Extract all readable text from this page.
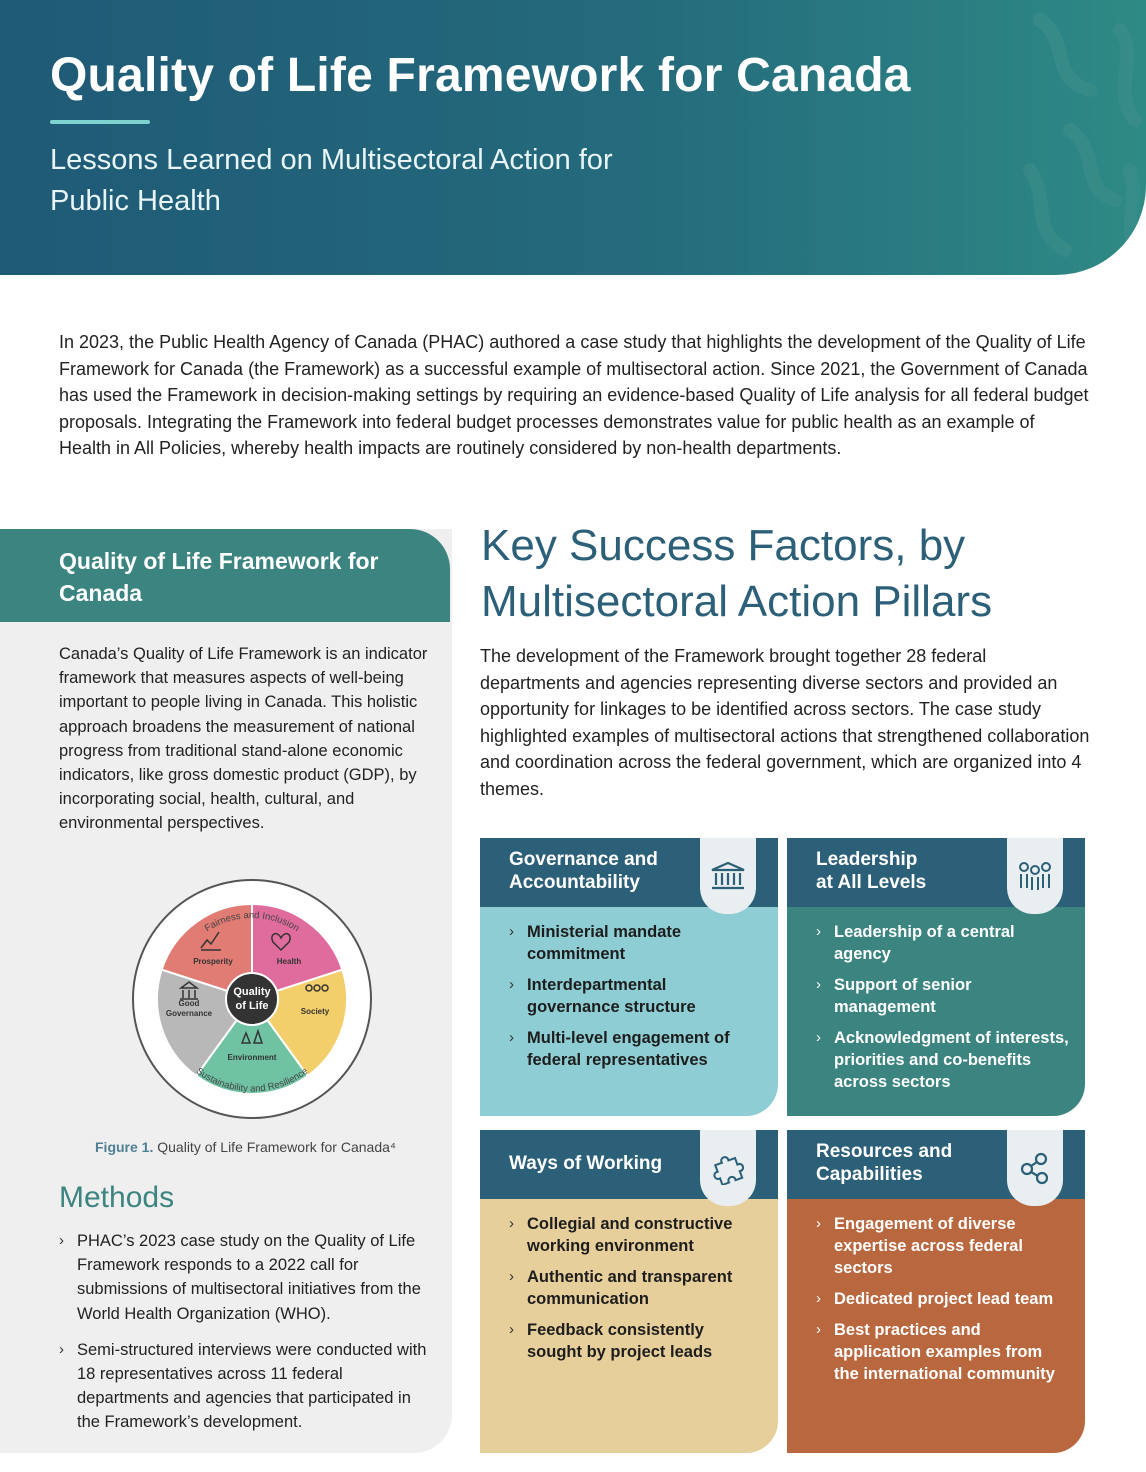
Quality of Life Framework for Canada

Lessons Learned on Multisectoral Action for Public Health

In 2023, the Public Health Agency of Canada (PHAC) authored a case study that highlights the development of the Quality of Life Framework for Canada (the Framework) as a successful example of multisectoral action. Since 2021, the Government of Canada has used the Framework in decision-making settings by requiring an evidence-based Quality of Life analysis for all federal budget proposals. Integrating the Framework into federal budget processes demonstrates value for public health as an example of Health in All Policies, whereby health impacts are routinely considered by non-health departments.

Quality of Life Framework for Canada

Canada’s Quality of Life Framework is an indicator framework that measures aspects of well-being important to people living in Canada. This holistic approach broadens the measurement of national progress from traditional stand-alone economic indicators, like gross domestic product (GDP), by incorporating social, health, cultural, and environmental perspectives.

Quality
of Life
Prosperity	Health
Society
Environment
Good
Governance
Fairness and Inclusion
Sustainability and Resilience

Figure 1. Quality of Life Framework for Canada⁴

Methods
› PHAC’s 2023 case study on the Quality of Life Framework responds to a 2022 call for submissions of multisectoral initiatives from the World Health Organization (WHO).
› Semi-structured interviews were conducted with 18 representatives across 11 federal departments and agencies that participated in the Framework’s development.
Key Success Factors, by
Multisectoral Action Pillars

The development of the Framework brought together 28 federal departments and agencies representing diverse sectors and provided an opportunity for linkages to be identified across sectors. The case study highlighted examples of multisectoral actions that strengthened collaboration and coordination across the federal government, which are organized into 4 themes.

Governance and
Accountability
› Ministerial mandate commitment
› Interdepartmental governance structure
› Multi-level engagement of federal representatives
Leadership
at All Levels
› Leadership of a central agency
› Support of senior management
› Acknowledgment of interests, priorities and co-benefits across sectors
Ways of Working
› Collegial and constructive working environment
› Authentic and transparent communication
› Feedback consistently sought by project leads
Resources and
Capabilities
› Engagement of diverse expertise across federal sectors
› Dedicated project lead team
› Best practices and application examples from the international community
